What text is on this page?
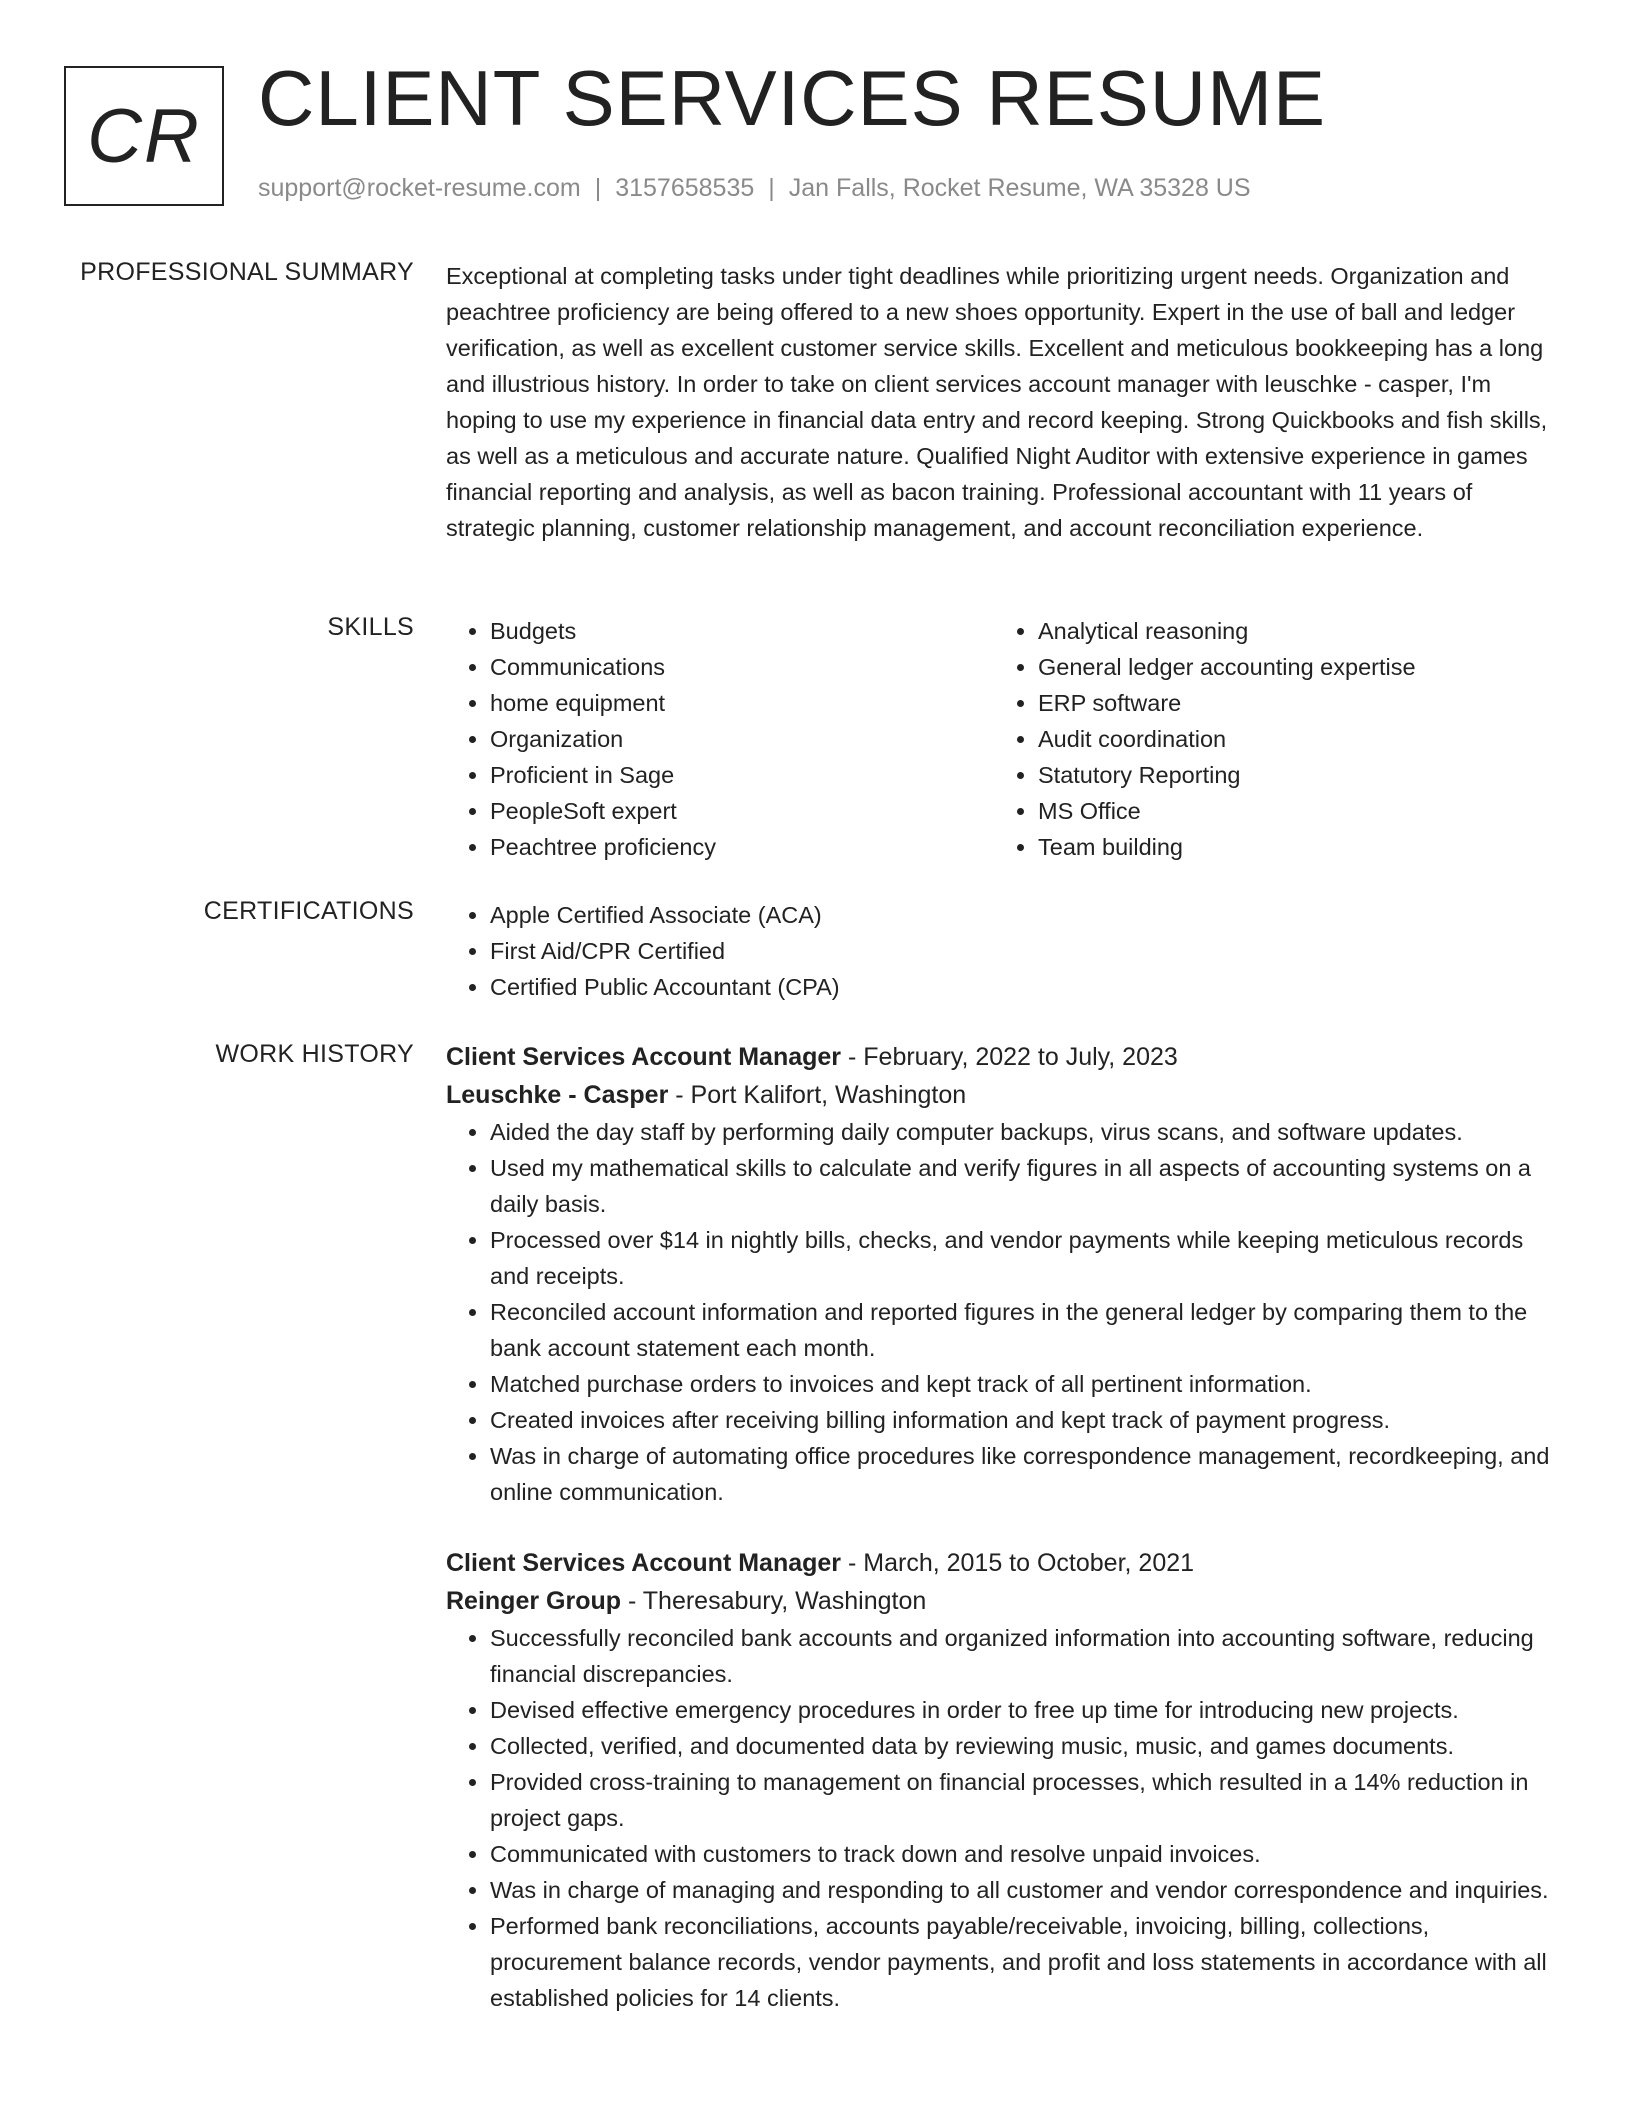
CR CLIENT SERVICES RESUME
support@rocket-resume.com | 3157658535 | Jan Falls, Rocket Resume, WA 35328 US
PROFESSIONAL SUMMARY Exceptional at completing tasks under tight deadlines while prioritizing urgent needs. Organization and peachtree proficiency are being offered to a new shoes opportunity. Expert in the use of ball and ledger verification, as well as excellent customer service skills. Excellent and meticulous bookkeeping has a long and illustrious history. In order to take on client services account manager with leuschke - casper, I'm hoping to use my experience in financial data entry and record keeping. Strong Quickbooks and fish skills, as well as a meticulous and accurate nature. Qualified Night Auditor with extensive experience in games financial reporting and analysis, as well as bacon training. Professional accountant with 11 years of strategic planning, customer relationship management, and account reconciliation experience.
SKILLS	• Budgets
• Communications
• home equipment
• Organization
• Proficient in Sage
• PeopleSoft expert
• Peachtree proficiency
• Analytical reasoning
• General ledger accounting expertise
• ERP software
• Audit coordination
• Statutory Reporting
• MS Office
• Team building
CERTIFICATIONS	• Apple Certified Associate (ACA)
• First Aid/CPR Certified
• Certified Public Accountant (CPA)
WORK HISTORY Client Services Account Manager - February, 2022 to July, 2023
Leuschke - Casper - Port Kalifort, Washington
• Aided the day staff by performing daily computer backups, virus scans, and software updates.
• Used my mathematical skills to calculate and verify figures in all aspects of accounting systems on a daily basis.
• Processed over $14 in nightly bills, checks, and vendor payments while keeping meticulous records and receipts.
• Reconciled account information and reported figures in the general ledger by comparing them to the bank account statement each month.
• Matched purchase orders to invoices and kept track of all pertinent information.
• Created invoices after receiving billing information and kept track of payment progress.
• Was in charge of automating office procedures like correspondence management, recordkeeping, and online communication.
Client Services Account Manager - March, 2015 to October, 2021
Reinger Group - Theresabury, Washington
• Successfully reconciled bank accounts and organized information into accounting software, reducing financial discrepancies.
• Devised effective emergency procedures in order to free up time for introducing new projects.
• Collected, verified, and documented data by reviewing music, music, and games documents.
• Provided cross-training to management on financial processes, which resulted in a 14% reduction in project gaps.
• Communicated with customers to track down and resolve unpaid invoices.
• Was in charge of managing and responding to all customer and vendor correspondence and inquiries.
• Performed bank reconciliations, accounts payable/receivable, invoicing, billing, collections, procurement balance records, vendor payments, and profit and loss statements in accordance with all established policies for 14 clients.
